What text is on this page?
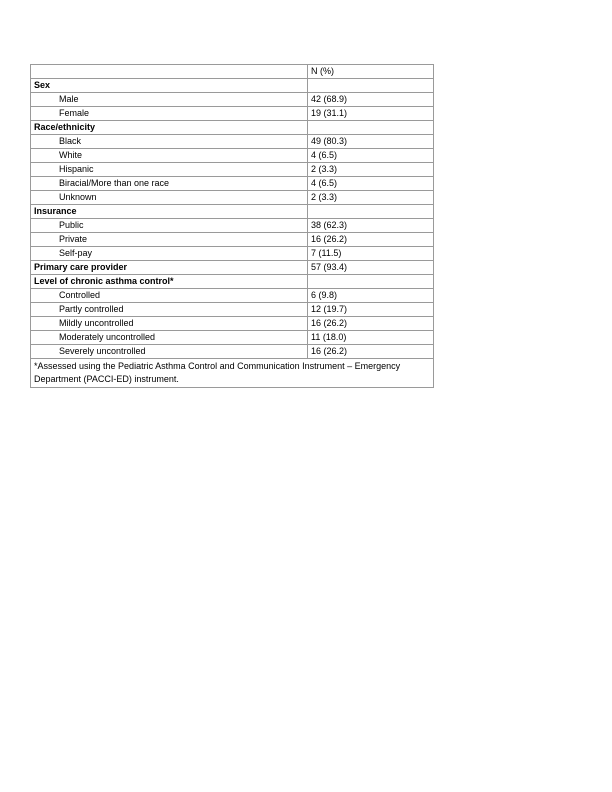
	N (%)
Sex	
Male	42 (68.9)
Female	19 (31.1)
Race/ethnicity	
Black	49 (80.3)
White	4 (6.5)
Hispanic	2 (3.3)
Biracial/More than one race	4 (6.5)
Unknown	2 (3.3)
Insurance	
Public	38 (62.3)
Private	16 (26.2)
Self-pay	7 (11.5)
Primary care provider	57 (93.4)
Level of chronic asthma control*	
Controlled	6 (9.8)
Partly controlled	12 (19.7)
Mildly uncontrolled	16 (26.2)
Moderately uncontrolled	11 (18.0)
Severely uncontrolled	16 (26.2)
*Assessed using the Pediatric Asthma Control and Communication Instrument – Emergency Department (PACCI-ED) instrument.	
